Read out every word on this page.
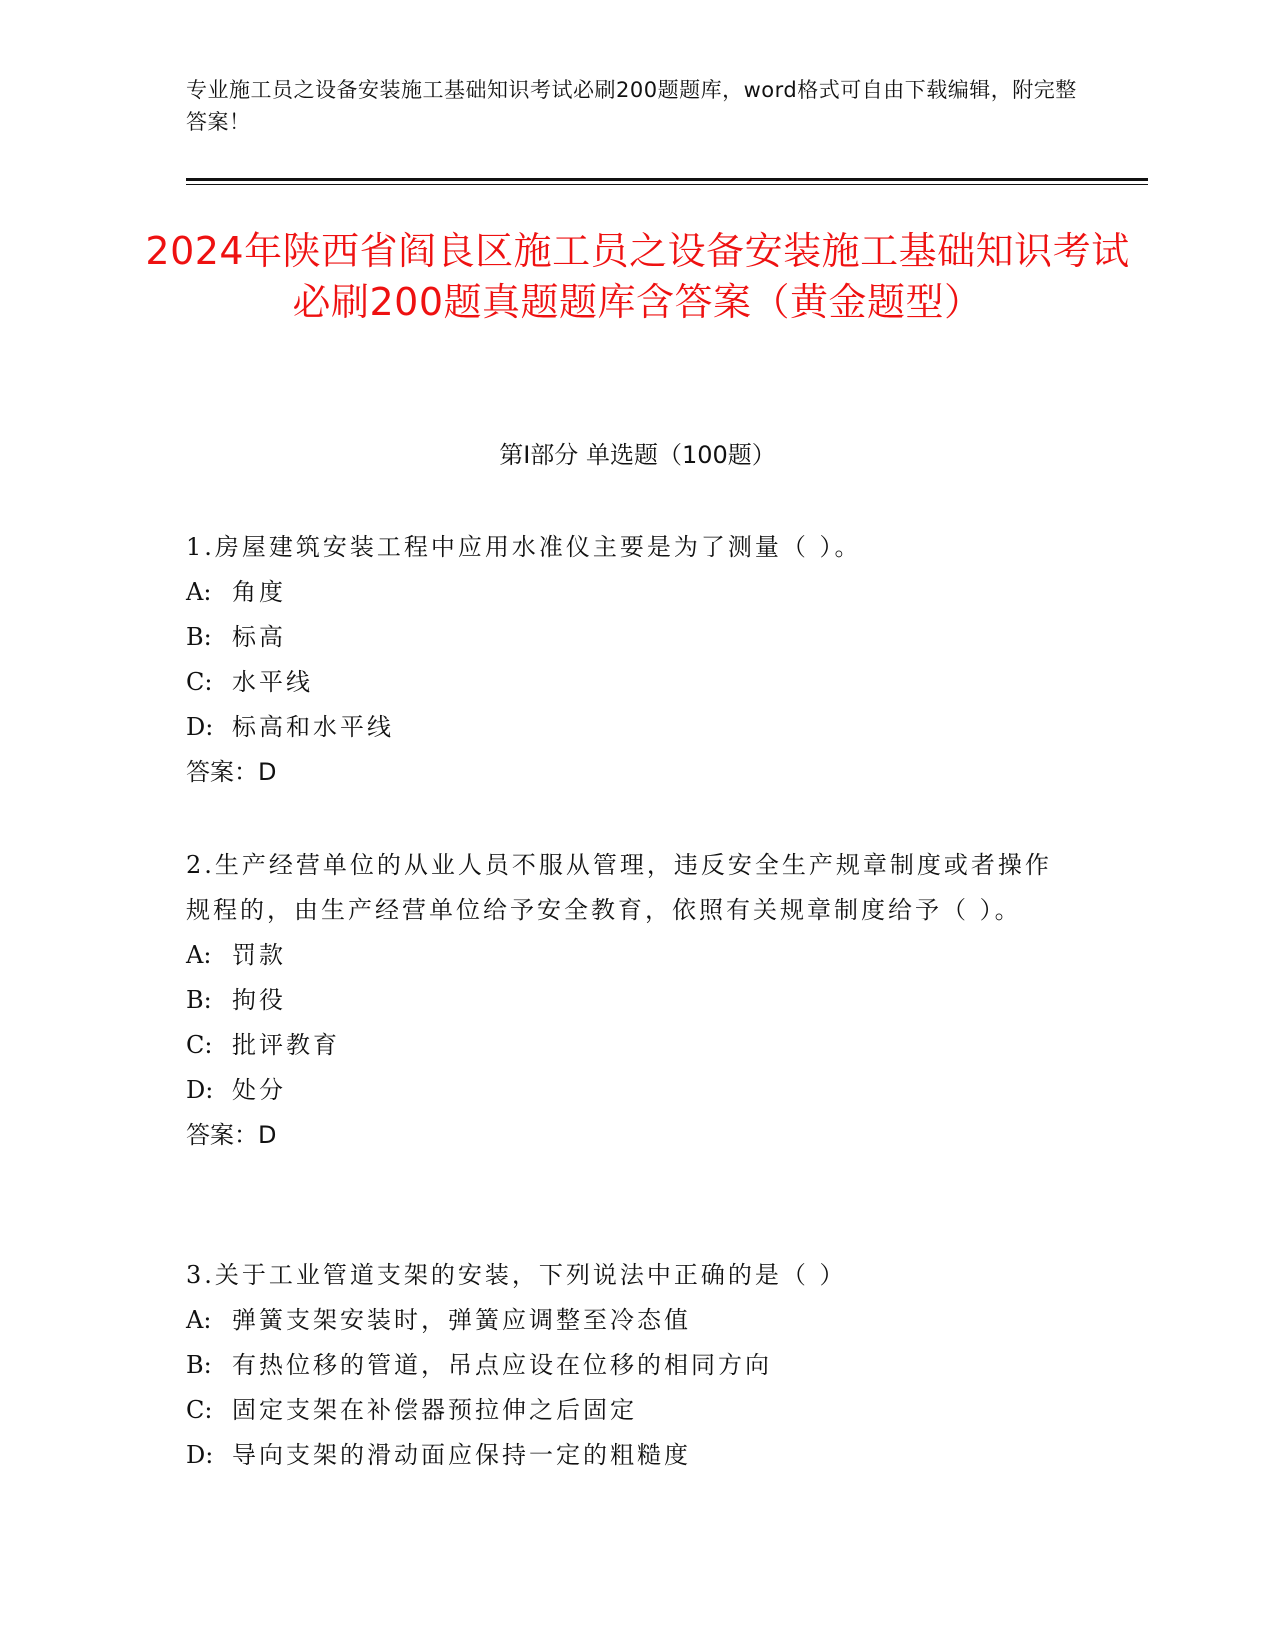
专业施工员之设备安装施工基础知识考试必刷200题题库，word格式可自由下载编辑，附完整答案！
2024年陕西省阎良区施工员之设备安装施工基础知识考试必刷200题真题题库含答案（黄金题型）
第I部分 单选题（100题）

1.房屋建筑安装工程中应用水准仪主要是为了测量（ ）。

A: 角度

B: 标高

C: 水平线

D: 标高和水平线

答案：D

2.生产经营单位的从业人员不服从管理，违反安全生产规章制度或者操作规程的，由生产经营单位给予安全教育，依照有关规章制度给予（ ）。

A: 罚款

B: 拘役

C: 批评教育

D: 处分

答案：D

3.关于工业管道支架的安装，下列说法中正确的是（ ）

A: 弹簧支架安装时，弹簧应调整至冷态值

B: 有热位移的管道，吊点应设在位移的相同方向

C: 固定支架在补偿器预拉伸之后固定

D: 导向支架的滑动面应保持一定的粗糙度
